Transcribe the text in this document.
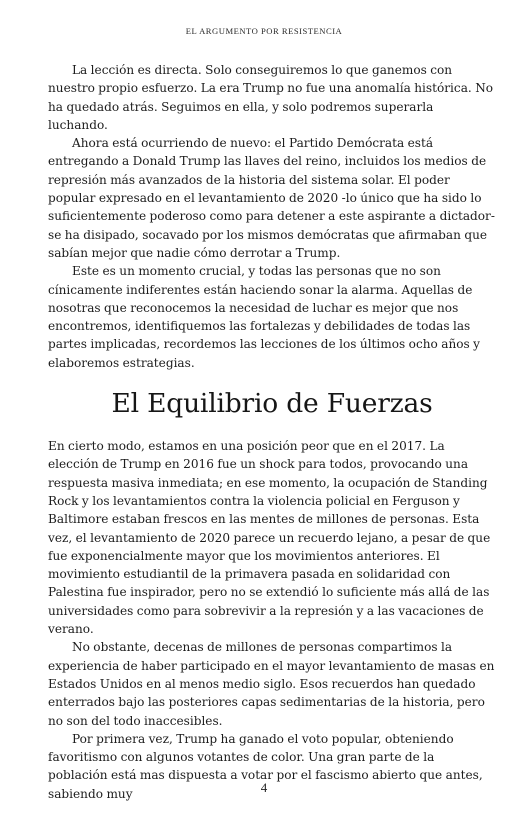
EL ARGUMENTO POR RESISTENCIA

La lección es directa. Solo conseguiremos lo que ganemos con nuestro propio esfuerzo. La era Trump no fue una anomalía histórica. No ha quedado atrás. Seguimos en ella, y solo podremos superarla luchando.

Ahora está ocurriendo de nuevo: el Partido Demócrata está entregando a Donald Trump las llaves del reino, incluidos los medios de represión más avanzados de la historia del sistema solar. El poder popular expresado en el levantamiento de 2020 -lo único que ha sido lo suficientemente poderoso como para detener a este aspirante a dictador- se ha disipado, socavado por los mismos demócratas que afirmaban que sabían mejor que nadie cómo derrotar a Trump.

Este es un momento crucial, y todas las personas que no son cínicamente indiferentes están haciendo sonar la alarma. Aquellas de nosotras que reconocemos la necesidad de luchar es mejor que nos encontremos, identifiquemos las fortalezas y debilidades de todas las partes implicadas, recordemos las lecciones de los últimos ocho años y elaboremos estrategias.

El Equilibrio de Fuerzas

En cierto modo, estamos en una posición peor que en el 2017. La elección de Trump en 2016 fue un shock para todos, provocando una respuesta masiva inmediata; en ese momento, la ocupación de Standing Rock y los levantamientos contra la violencia policial en Ferguson y Baltimore estaban frescos en las mentes de millones de personas. Esta vez, el levantamiento de 2020 parece un recuerdo lejano, a pesar de que fue exponencialmente mayor que los movimientos anteriores. El movimiento estudiantil de la primavera pasada en solidaridad con Palestina fue inspirador, pero no se extendió lo suficiente más allá de las universidades como para sobrevivir a la represión y a las vacaciones de verano.

No obstante, decenas de millones de personas compartimos la experiencia de haber participado en el mayor levantamiento de masas en Estados Unidos en al menos medio siglo. Esos recuerdos han quedado enterrados bajo las posteriores capas sedimentarias de la historia, pero no son del todo inaccesibles.

Por primera vez, Trump ha ganado el voto popular, obteniendo favoritismo con algunos votantes de color. Una gran parte de la población está mas dispuesta a votar por el fascismo abierto que antes, sabiendo muy	4
